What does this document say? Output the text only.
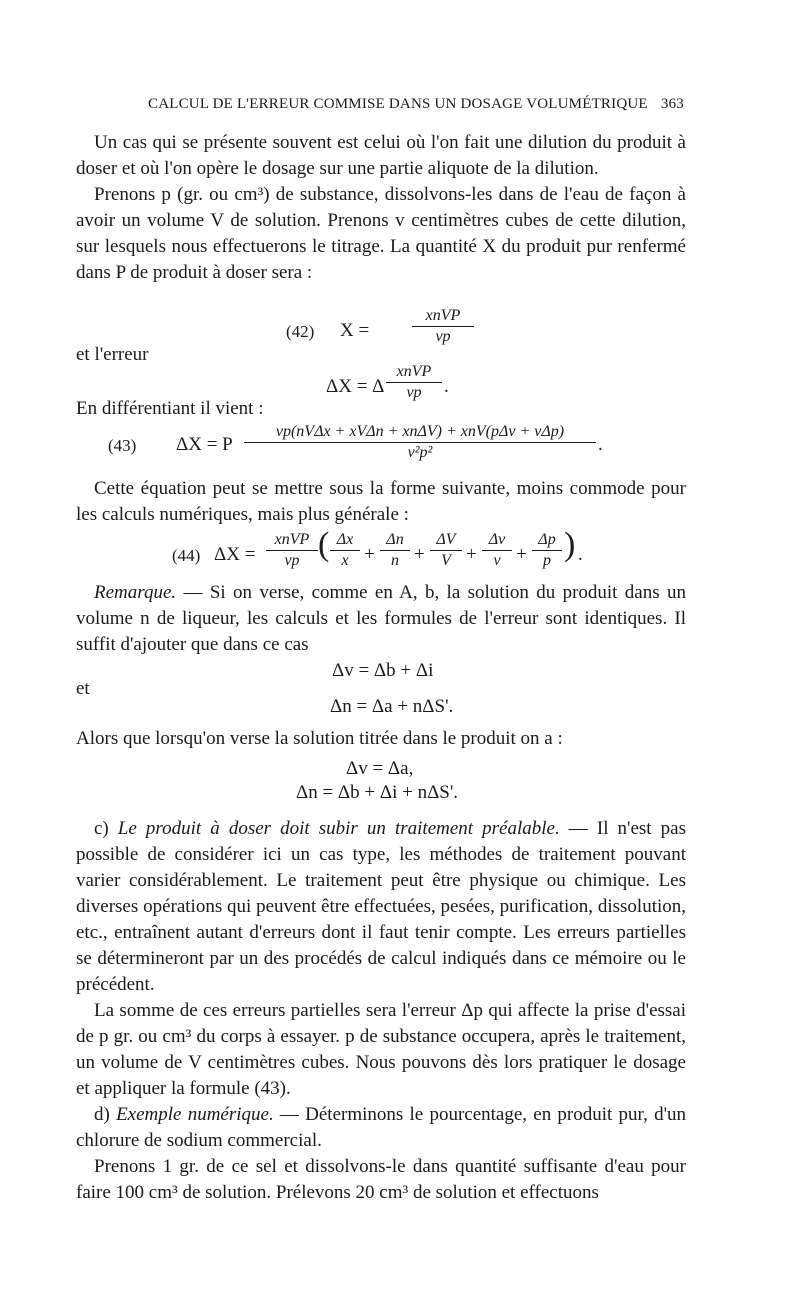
CALCUL DE L'ERREUR COMMISE DANS UN DOSAGE VOLUMÉTRIQUE 363

Un cas qui se présente souvent est celui où l'on fait une dilution du produit à doser et où l'on opère le dosage sur une partie aliquote de la dilution.

Prenons p (gr. ou cm³) de substance, dissolvons-les dans de l'eau de façon à avoir un volume V de solution. Prenons v centimètres cubes de cette dilution, sur lesquels nous effectuerons le titrage. La quantité X du produit pur renfermé dans P de produit à doser sera :

(42) X =
xnVP
vp
et l'erreur
ΔX = Δ
xnVP
vp	.
En différentiant il vient :
(43) ΔX = P
vp(nVΔx + xVΔn + xnΔV) + xnV(pΔv + vΔp)
v²p²	.

Cette équation peut se mettre sous la forme suivante, moins commode pour les calculs numériques, mais plus générale :

(44) ΔX =
xnVP
vp ( $\frac{\Delta x}{x} + \frac{\Delta n}{n} + \frac{\Delta V}{V} + \frac{\Delta v}{v} + \frac{\Delta p}{p}$ ) .

Remarque. — Si on verse, comme en A, b, la solution du produit dans un volume n de liqueur, les calculs et les formules de l'erreur sont identiques. Il suffit d'ajouter que dans ce cas

Δv = Δb + Δi
et
Δn = Δa + nΔS'.

Alors que lorsqu'on verse la solution titrée dans le produit on a :

Δv = Δa,
Δn = Δb + Δi + nΔS'.

c) Le produit à doser doit subir un traitement préalable. — Il n'est pas possible de considérer ici un cas type, les méthodes de traitement pouvant varier considérablement. Le traitement peut être physique ou chimique. Les diverses opérations qui peuvent être effectuées, pesées, purification, dissolution, etc., entraînent autant d'erreurs dont il faut tenir compte. Les erreurs partielles se détermineront par un des procédés de calcul indiqués dans ce mémoire ou le précédent.

La somme de ces erreurs partielles sera l'erreur Δp qui affecte la prise d'essai de p gr. ou cm³ du corps à essayer. p de substance occupera, après le traitement, un volume de V centimètres cubes. Nous pouvons dès lors pratiquer le dosage et appliquer la formule (43).

d) Exemple numérique. — Déterminons le pourcentage, en produit pur, d'un chlorure de sodium commercial.

Prenons 1 gr. de ce sel et dissolvons-le dans quantité suffisante d'eau pour faire 100 cm³ de solution. Prélevons 20 cm³ de solution et effectuons
